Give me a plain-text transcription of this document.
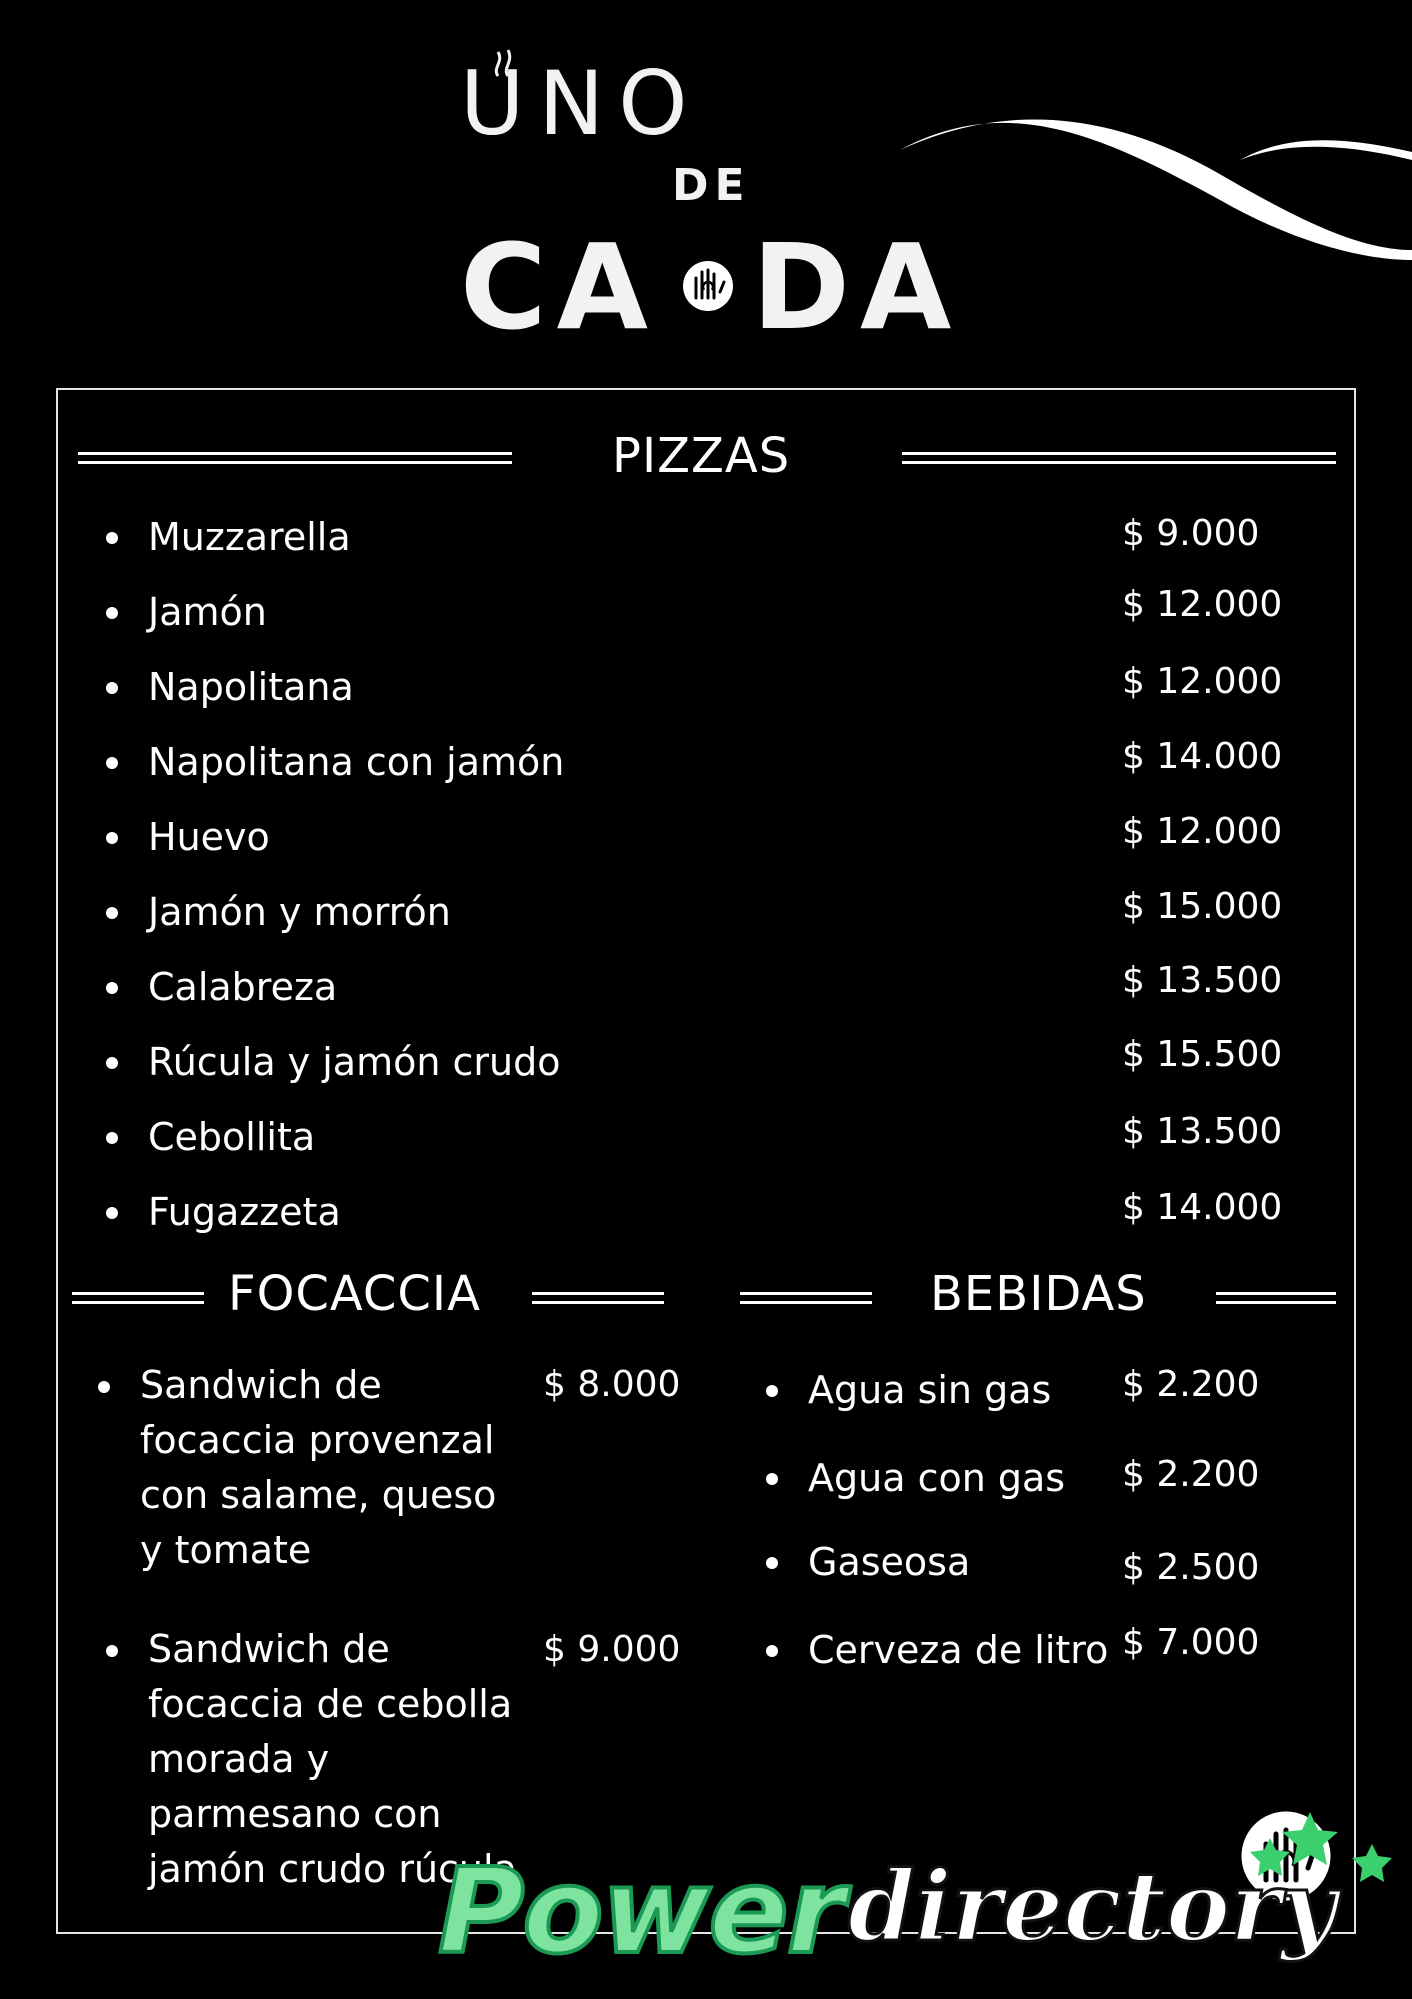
UNO
DE
CA DA
PIZZAS
Muzzarella	$ 9.000
Jamón	$ 12.000
Napolitana	$ 12.000
Napolitana con jamón	$ 14.000
Huevo	$ 12.000
Jamón y morrón	$ 15.000
Calabreza	$ 13.500
Rúcula y jamón crudo	$ 15.500
Cebollita	$ 13.500
Fugazzeta	$ 14.000
FOCACCIA
Sandwich de focaccia provenzal con salame, queso y tomate
$ 8.000
Sandwich de focaccia de cebolla morada y parmesano con jamón crudo rúcula
$ 9.000
BEBIDAS
Agua sin gas $ 2.200
Agua con gas $ 2.200
Gaseosa	$ 2.500
Cerveza de litro $ 7.000
Power directory
